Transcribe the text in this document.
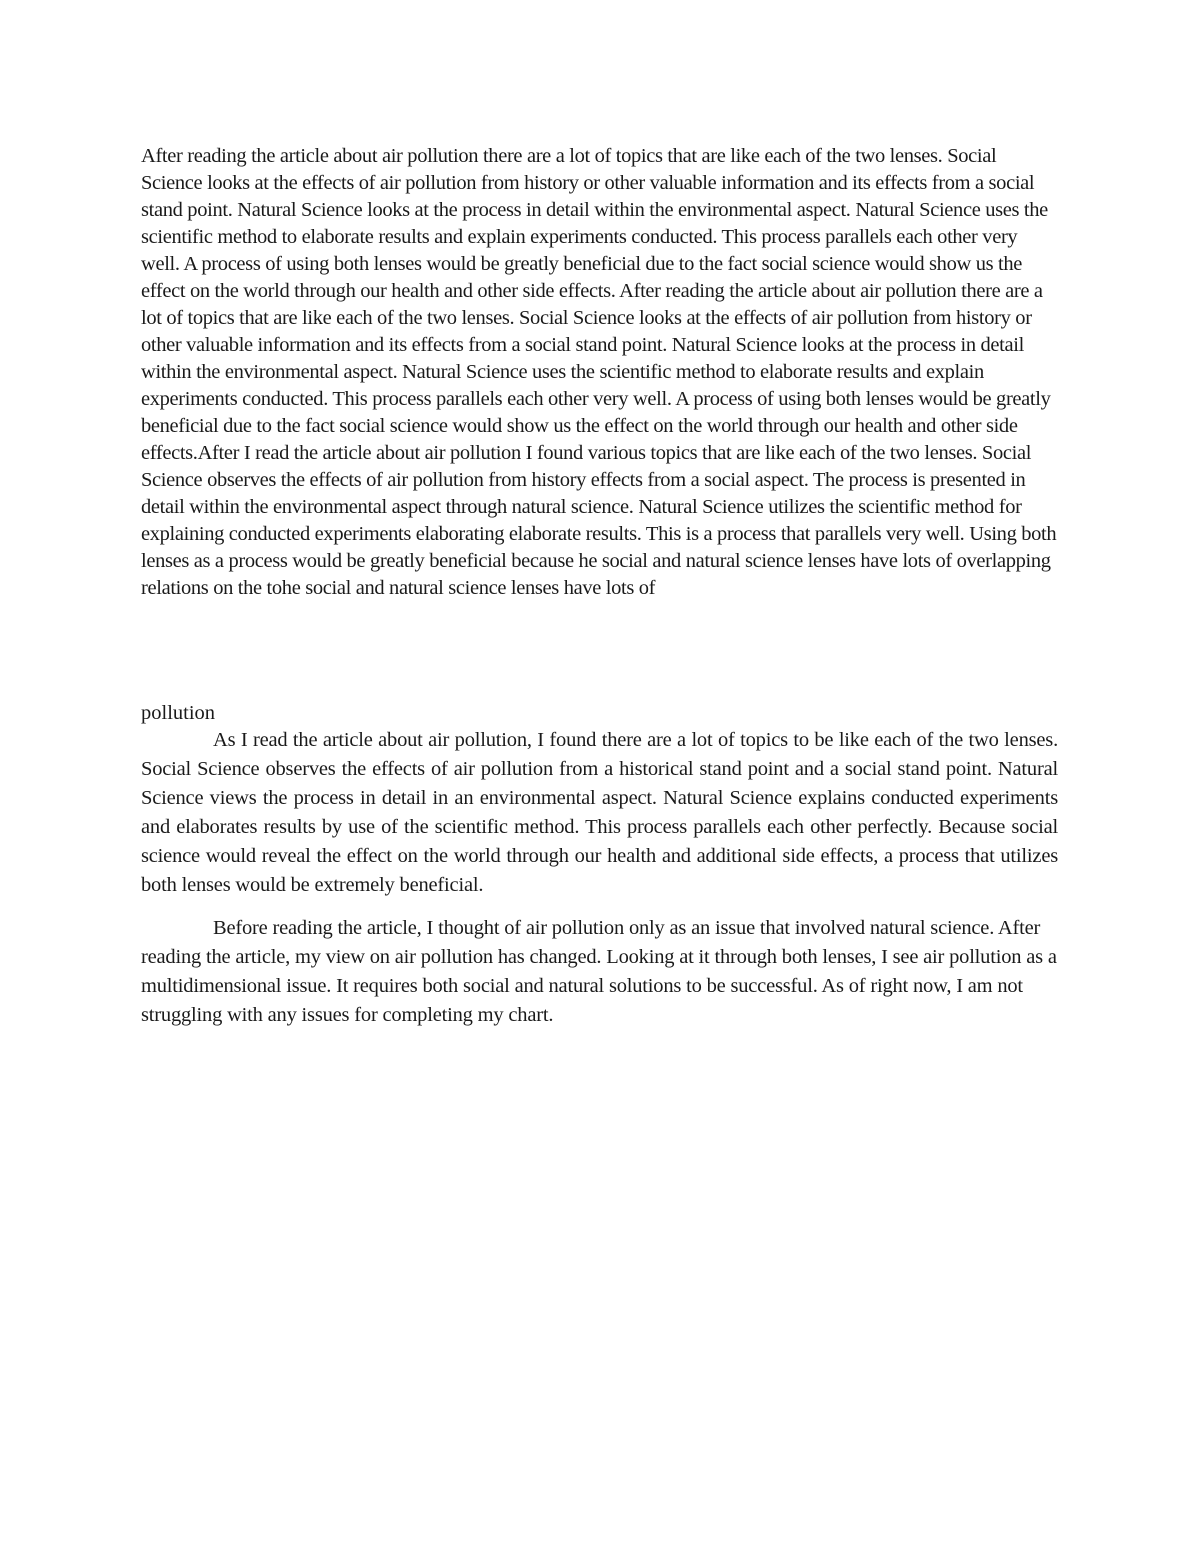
After reading the article about air pollution there are a lot of topics that are like each of the two lenses. Social Science looks at the effects of air pollution from history or other valuable information and its effects from a social stand point. Natural Science looks at the process in detail within the environmental aspect. Natural Science uses the scientific method to elaborate results and explain experiments conducted. This process parallels each other very well. A process of using both lenses would be greatly beneficial due to the fact social science would show us the effect on the world through our health and other side effects. After reading the article about air pollution there are a lot of topics that are like each of the two lenses. Social Science looks at the effects of air pollution from history or other valuable information and its effects from a social stand point. Natural Science looks at the process in detail within the environmental aspect. Natural Science uses the scientific method to elaborate results and explain experiments conducted. This process parallels each other very well. A process of using both lenses would be greatly beneficial due to the fact social science would show us the effect on the world through our health and other side effects.After I read the article about air pollution I found various topics that are like each of the two lenses. Social Science observes the effects of air pollution from history effects from a social aspect. The process is presented in detail within the environmental aspect through natural science. Natural Science utilizes the scientific method for explaining conducted experiments elaborating elaborate results. This is a process that parallels very well. Using both lenses as a process would be greatly beneficial because he social and natural science lenses have lots of overlapping relations on the tohe social and natural science lenses have lots of

pollution

As I read the article about air pollution, I found there are a lot of topics to be like each of the two lenses. Social Science observes the effects of air pollution from a historical stand point and a social stand point. Natural Science views the process in detail in an environmental aspect. Natural Science explains conducted experiments and elaborates results by use of the scientific method. This process parallels each other perfectly. Because social science would reveal the effect on the world through our health and additional side effects, a process that utilizes both lenses would be extremely beneficial.

Before reading the article, I thought of air pollution only as an issue that involved natural science. After reading the article, my view on air pollution has changed. Looking at it through both lenses, I see air pollution as a multidimensional issue. It requires both social and natural solutions to be successful. As of right now, I am not struggling with any issues for completing my chart.
